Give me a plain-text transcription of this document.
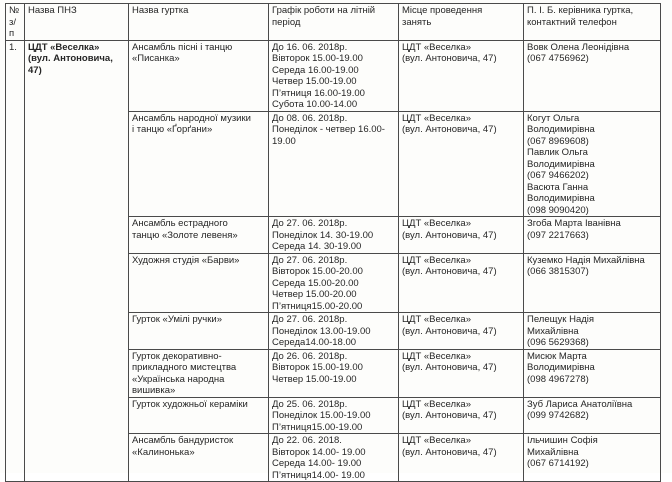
№
з/
п	Назва ПНЗ	Назва гуртка	Графік роботи на літній
період	Місце проведення
занять	П. І. Б. керівника гуртка,
контактний телефон
1.	ЦДТ «Веселка»
(вул. Антоновича,
47)	Ансамбль пісні і танцю
«Писанка»	До 16. 06. 2018р.
Вівторок 15.00-19.00
Середа 16.00-19.00
Четвер 15.00-19.00
П’ятниця 16.00-19.00
Субота 10.00-14.00	ЦДТ «Веселка»
(вул. Антоновича, 47)	Вовк Олена Леонідівна
(067 4756962)
Ансамбль народної музики
і танцю «Ґорґани»	До 08. 06. 2018р.
Понеділок - четвер 16.00-
19.00	ЦДТ «Веселка»
(вул. Антоновича, 47)	Когут Ольга
Володимирівна
(067 8969608)
Павлик Ольга
Володимирівна
(067 9466202)
Васюта Ганна
Володимирівна
(098 9090420)
		Ансамбль естрадного
танцю «Золоте левеня»	До 27. 06. 2018р.
Понеділок 14. 30-19.00
Середа 14. 30-19.00	ЦДТ «Веселка»
(вул. Антоновича, 47)	Згоба Марта Іванівна
(097 2217663)
		Художня студія «Барви»	До 27. 06. 2018р.
Вівторок 15.00-20.00
Середа 15.00-20.00
Четвер 15.00-20.00
П’ятниця15.00-20.00	ЦДТ «Веселка»
(вул. Антоновича, 47)	Куземко Надія Михайлівна
(066 3815307)
		Гурток «Умілі ручки»	До 27. 06. 2018р.
Понеділок 13.00-19.00
Середа14.00-18.00	ЦДТ «Веселка»
(вул. Антоновича, 47)	Пелещук Надія
Михайлівна
(096 5629368)
		Гурток декоративно-
прикладного мистецтва
«Українська народна
вишивка»	До 26. 06. 2018р.
Вівторок 15.00-19.00
Четвер 15.00-19.00	ЦДТ «Веселка»
(вул. Антоновича, 47)	Мисюк Марта
Володимирівна
(098 4967278)
		Гурток художньої кераміки	До 25. 06. 2018р.
Понеділок 15.00-19.00
П’ятниця15.00-19.00	ЦДТ «Веселка»
(вул. Антоновича, 47)	Зуб Лариса Анатоліївна
(099 9742682)
		Ансамбль бандуристок
«Калинонька»	До 22. 06. 2018.
Вівторок 14.00- 19.00
Середа 14.00- 19.00
П’ятниця14.00- 19.00	ЦДТ «Веселка»
(вул. Антоновича, 47)	Ільчишин Софія
Михайлівна
(067 6714192)
